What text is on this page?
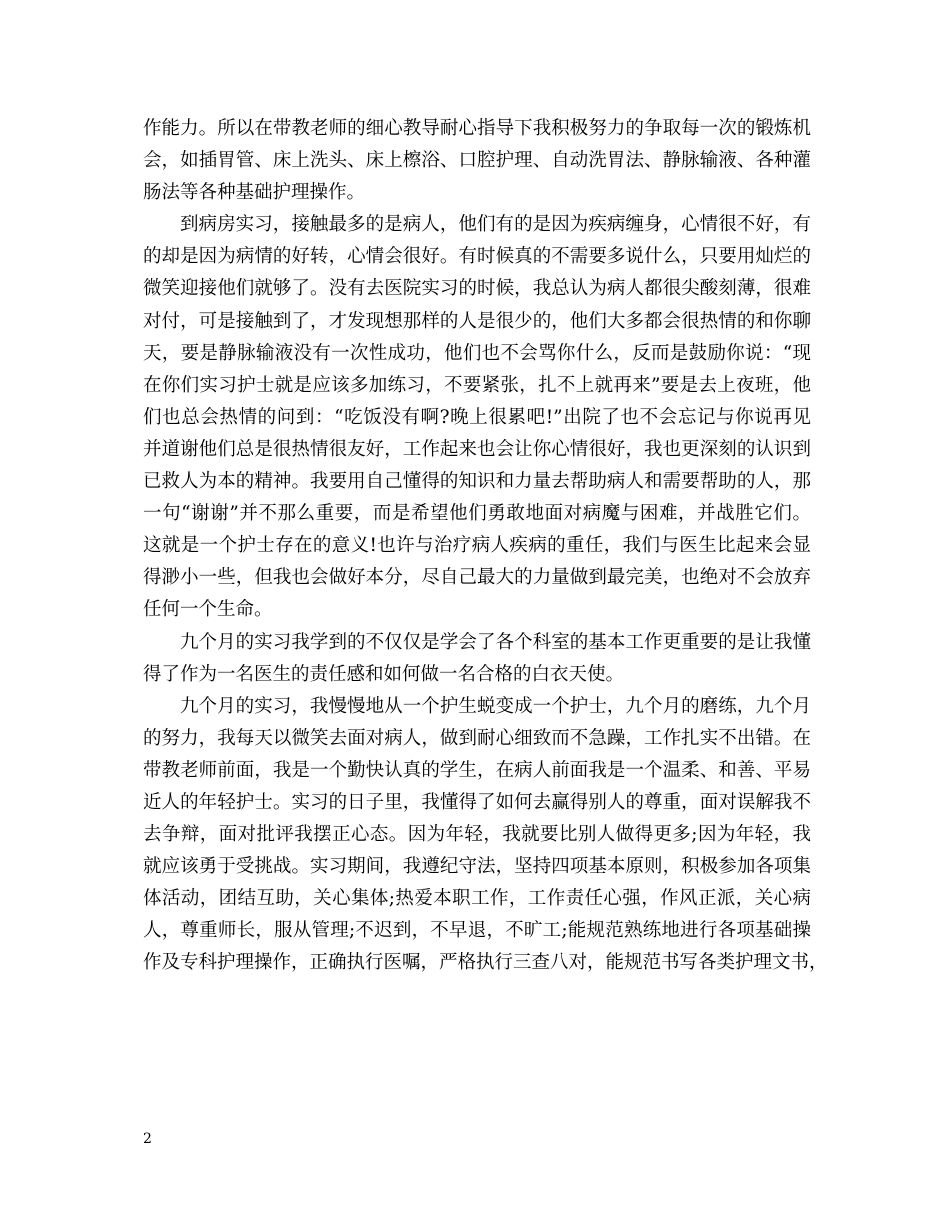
作能力。所以在带教老师的细心教导耐心指导下我积极努力的争取每一次的锻炼机
会，如插胃管、床上洗头、床上檫浴、口腔护理、自动洗胃法、静脉输液、各种灌
肠法等各种基础护理操作。
到病房实习，接触最多的是病人，他们有的是因为疾病缠身，心情很不好，有
的却是因为病情的好转，心情会很好。有时候真的不需要多说什么，只要用灿烂的
微笑迎接他们就够了。没有去医院实习的时候，我总认为病人都很尖酸刻薄，很难
对付，可是接触到了，才发现想那样的人是很少的，他们大多都会很热情的和你聊
天，要是静脉输液没有一次性成功，他们也不会骂你什么，反而是鼓励你说：“现
在你们实习护士就是应该多加练习，不要紧张，扎不上就再来”要是去上夜班，他
们也总会热情的问到：“吃饭没有啊?晚上很累吧!”出院了也不会忘记与你说再见
并道谢他们总是很热情很友好，工作起来也会让你心情很好，我也更深刻的认识到
已救人为本的精神。我要用自己懂得的知识和力量去帮助病人和需要帮助的人，那
一句“谢谢”并不那么重要，而是希望他们勇敢地面对病魔与困难，并战胜它们。
这就是一个护士存在的意义!也许与治疗病人疾病的重任，我们与医生比起来会显
得渺小一些，但我也会做好本分，尽自己最大的力量做到最完美，也绝对不会放弃
任何一个生命。
九个月的实习我学到的不仅仅是学会了各个科室的基本工作更重要的是让我懂
得了作为一名医生的责任感和如何做一名合格的白衣天使。
九个月的实习，我慢慢地从一个护生蜕变成一个护士，九个月的磨练，九个月
的努力，我每天以微笑去面对病人，做到耐心细致而不急躁，工作扎实不出错。在
带教老师前面，我是一个勤快认真的学生，在病人前面我是一个温柔、和善、平易
近人的年轻护士。实习的日子里，我懂得了如何去赢得别人的尊重，面对误解我不
去争辩，面对批评我摆正心态。因为年轻，我就要比别人做得更多;因为年轻，我
就应该勇于受挑战。实习期间，我遵纪守法，坚持四项基本原则，积极参加各项集
体活动，团结互助，关心集体;热爱本职工作，工作责任心强，作风正派，关心病
人，尊重师长，服从管理;不迟到，不早退，不旷工;能规范熟练地进行各项基础操
作及专科护理操作，正确执行医嘱，严格执行三查八对，能规范书写各类护理文书，
2
